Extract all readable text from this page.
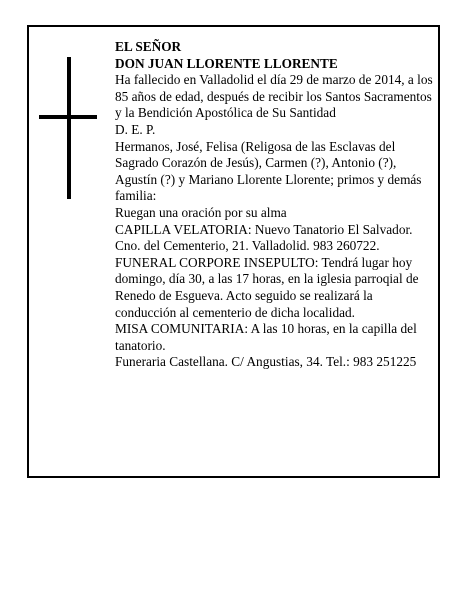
EL SEÑOR

DON JUAN LLORENTE LLORENTE

Ha fallecido en Valladolid el día 29 de marzo de 2014, a los 85 años de edad, después de recibir los Santos Sacramentos y la Bendición Apostólica de Su Santidad

D. E. P.

Hermanos, José, Felisa (Religosa de las Esclavas del Sagrado Corazón de Jesús), Carmen (?), Antonio (?), Agustín (?) y Mariano Llorente Llorente; primos y demás familia:

Ruegan una oración por su alma

CAPILLA VELATORIA: Nuevo Tanatorio El Salvador. Cno. del Cementerio, 21. Valladolid. 983 260722.

FUNERAL CORPORE INSEPULTO: Tendrá lugar hoy domingo, día 30, a las 17 horas, en la iglesia parroqial de Renedo de Esgueva. Acto seguido se realizará la conducción al cementerio de dicha localidad.

MISA COMUNITARIA: A las 10 horas, en la capilla del tanatorio.

Funeraria Castellana. C/ Angustias, 34. Tel.: 983 251225
